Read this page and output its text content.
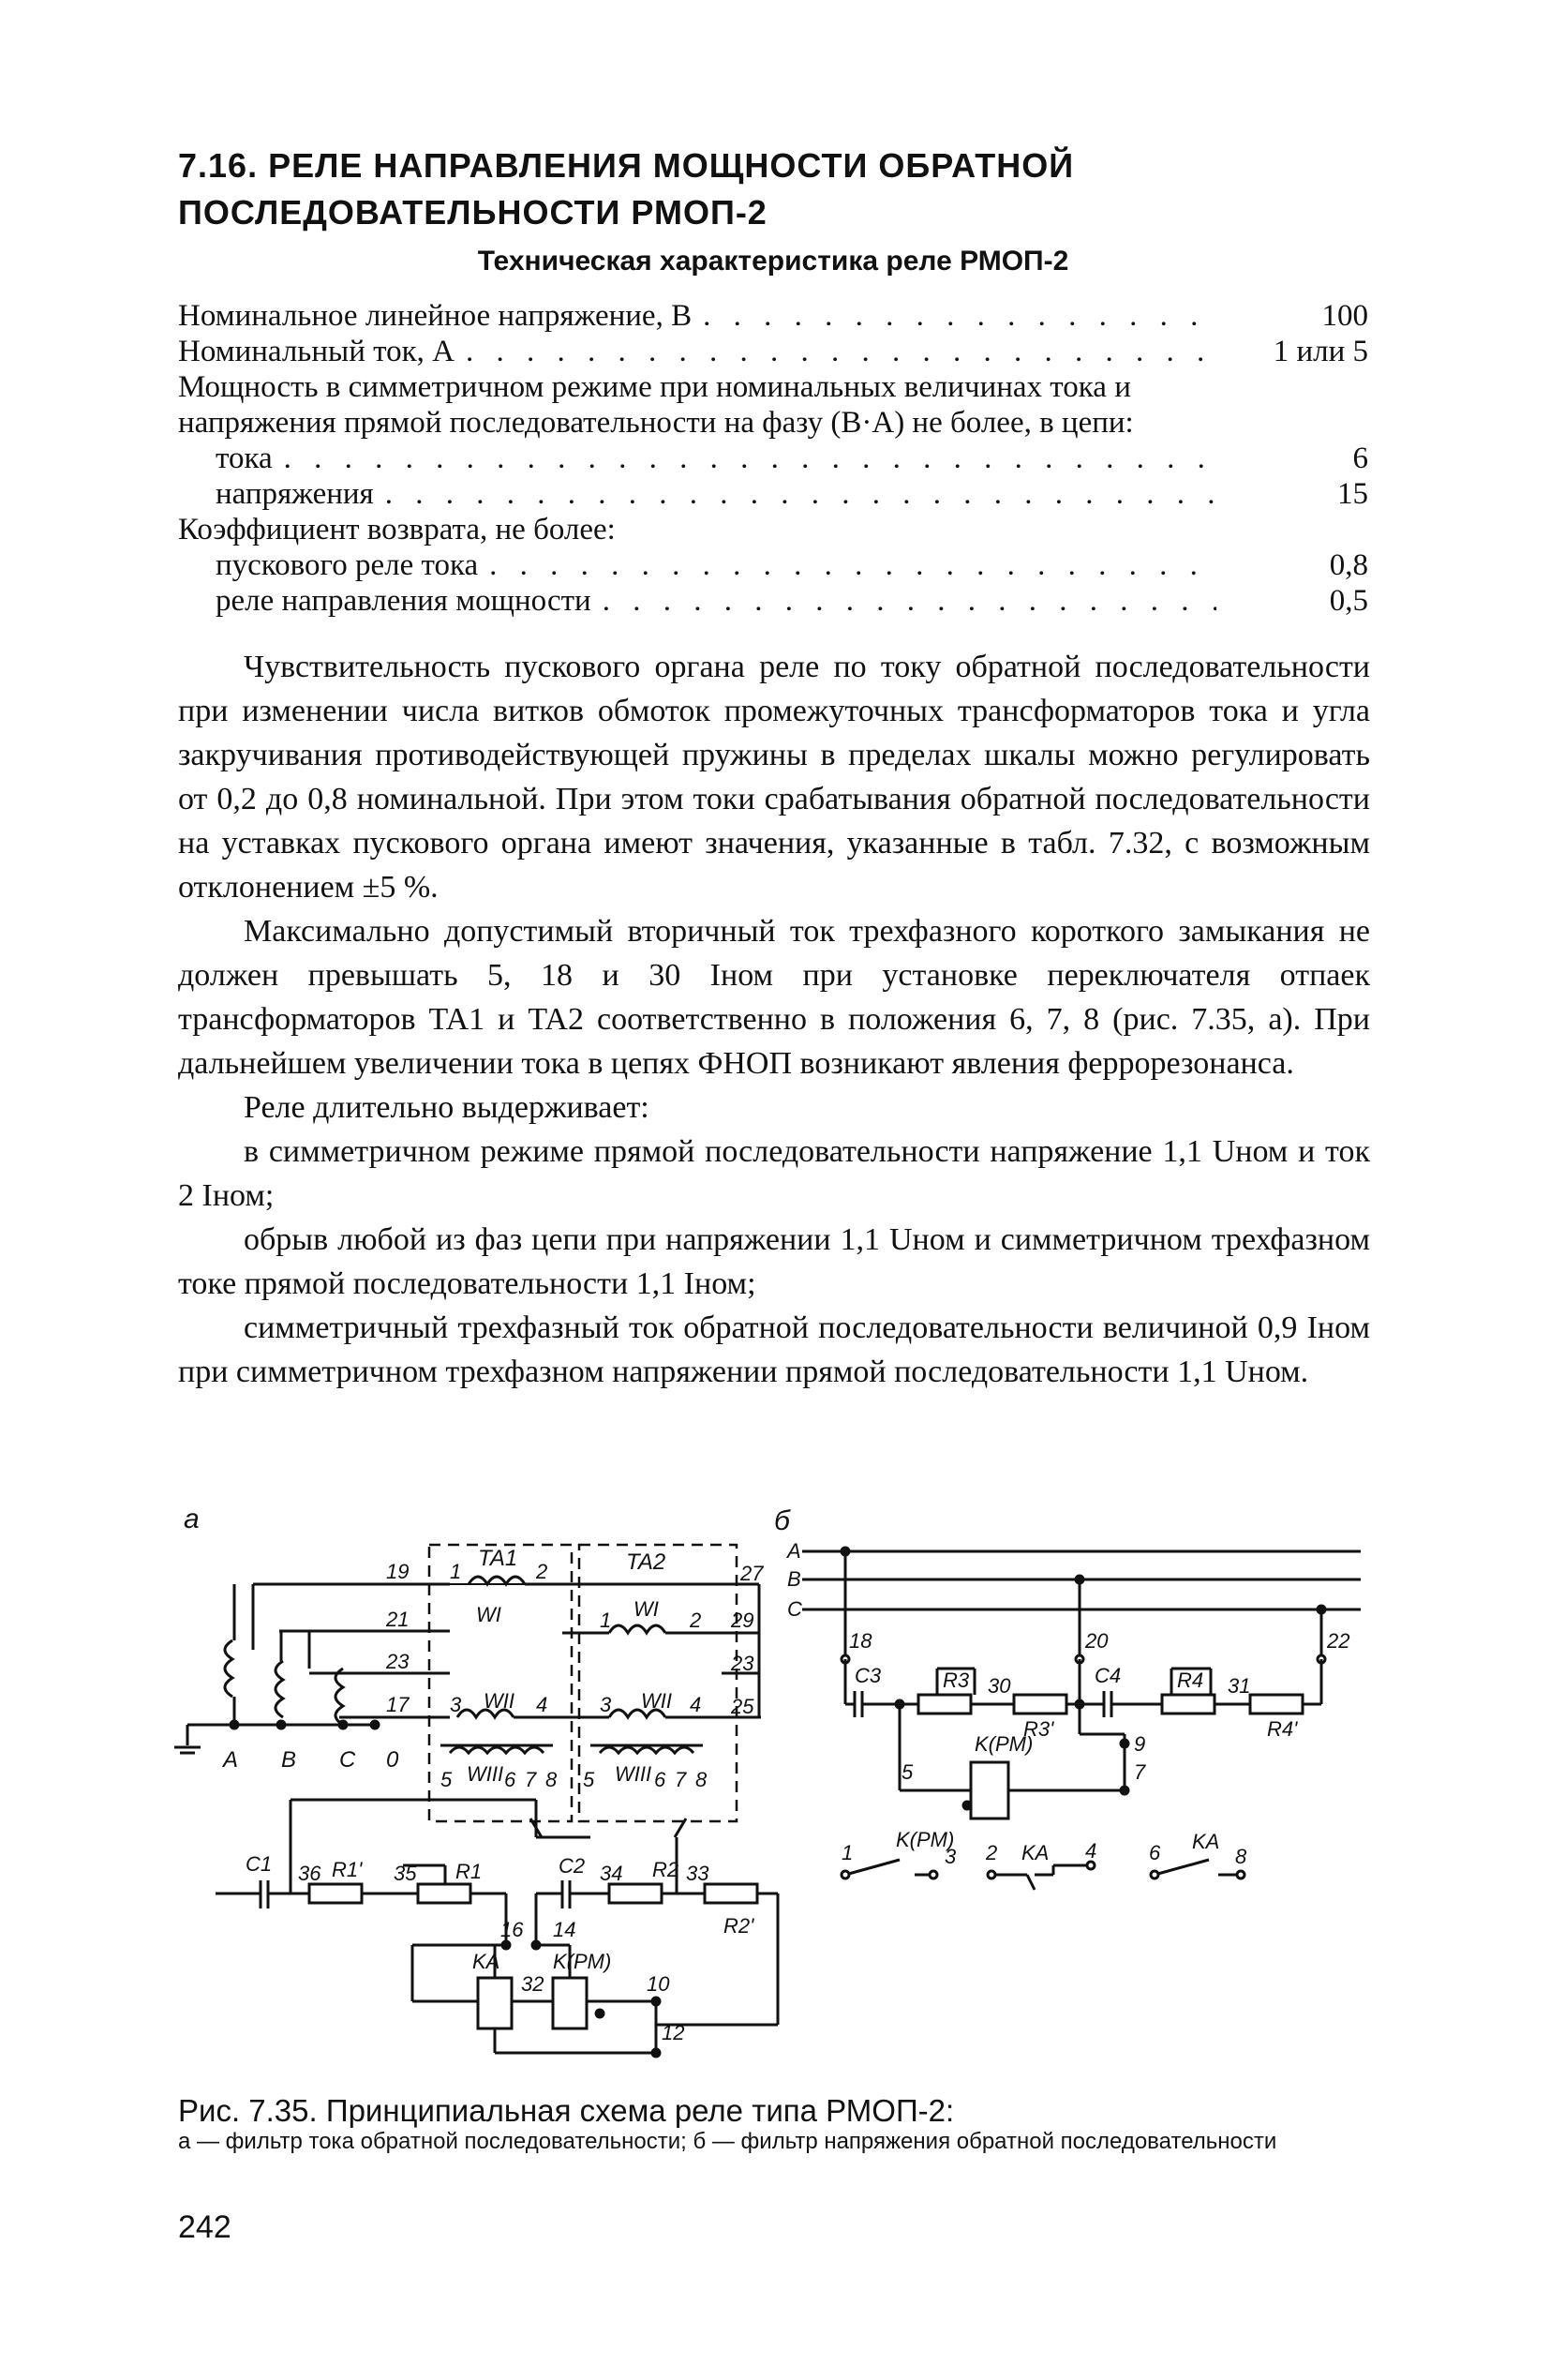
7.16. РЕЛЕ НАПРАВЛЕНИЯ МОЩНОСТИ ОБРАТНОЙ
ПОСЛЕДОВАТЕЛЬНОСТИ РМОП-2
Техническая характеристика реле РМОП-2
Номинальное линейное напряжение, В . . .	100
Номинальный ток, А . . .	1 или 5
Мощность в симметричном режиме при номинальных величинах тока и напряжения прямой последовательности на фазу (В·А) не более, в цепи:
тока . . .	6
напряжения . . .	15
Коэффициент возврата, не более:
пускового реле тока . . .	0,8
реле направления мощности . . .	0,5

Чувствительность пускового органа реле по току обратной последовательности при изменении числа витков обмоток промежуточных трансформаторов тока и угла закручивания противодействующей пружины в пределах шкалы можно регулировать от 0,2 до 0,8 номинальной. При этом токи срабатывания обратной последовательности на уставках пускового органа имеют значения, указанные в табл. 7.32, с возможным отклонением ±5 %.

Максимально допустимый вторичный ток трехфазного короткого замыкания не должен превышать 5, 18 и 30 Iном при установке переключателя отпаек трансформаторов TA1 и TA2 соответственно в положения 6, 7, 8 (рис. 7.35, а). При дальнейшем увеличении тока в цепях ФНОП возникают явления феррорезонанса.

Реле длительно выдерживает:

в симметричном режиме прямой последовательности напряжение 1,1 Uном и ток 2 Iном;

обрыв любой из фаз цепи при напряжении 1,1 Uном и симметричном трехфазном токе прямой последовательности 1,1 Iном;

симметричный трехфазный ток обратной последовательности величиной 0,9 Iном при симметричном трехфазном напряжении прямой последовательности 1,1 Uном.

а	б
TA1	TA2
WI	WI
WII	WII
WIII	WIII
A B C 0
C1	R1'	R1	C2	R2
R2'
KA	K(PM)
19
21
23
17
27
29
23
25
1	2
1	2
3	4	3	4
5	6 7 8 5	6 7 8
36	35	34	33
16 14
32	10
12
A
B
C
C3	R3
R3'
C4	R4
R4'
K(PM)
18	20	22
30	31
9
7
5
1
K(PM)
3 2 KA 4	6 KA
8
Рис. 7.35. Принципиальная схема реле типа РМОП-2:
а — фильтр тока обратной последовательности; б — фильтр напряжения обратной последовательности
242
